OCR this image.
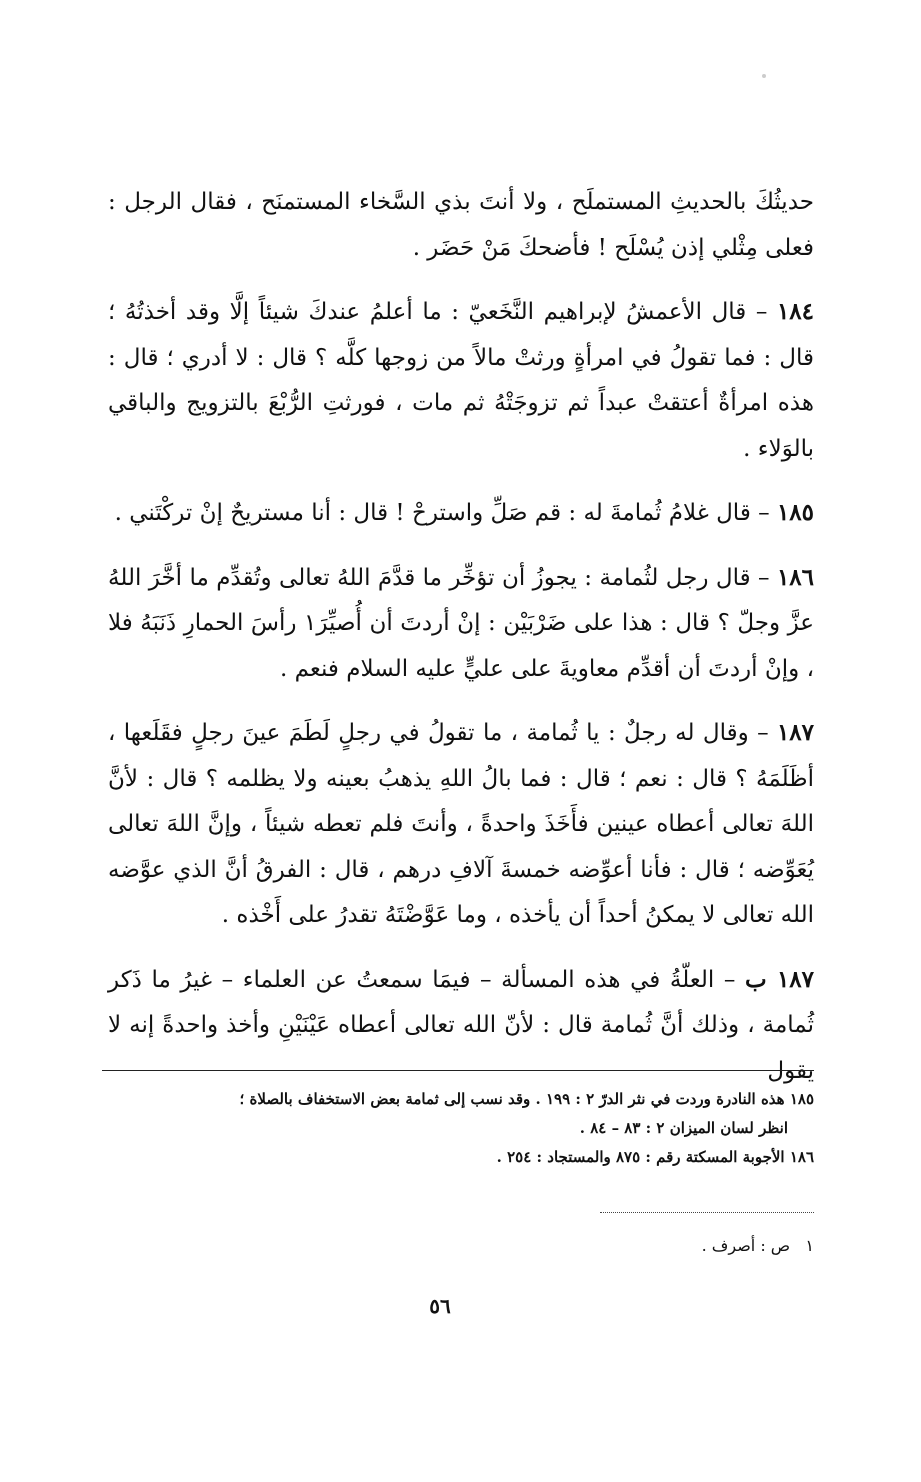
حديثُكَ بالحديثِ المستملَح ، ولا أنتَ بذي السَّخاء المستمنَح ، فقال الرجل : فعلى مِثْلي إذن يُسْلَح ! فأضحكَ مَنْ حَضَر .

١٨٤ – قال الأعمشُ لإبراهيم النَّخَعيّ : ما أعلمُ عندكَ شيئاً إلَّا وقد أخذتُهُ ؛ قال : فما تقولُ في امرأةٍ ورثتْ مالاً من زوجها كلَّه ؟ قال : لا أدري ؛ قال : هذه امرأةٌ أعتقتْ عبداً ثم تزوجَتْهُ ثم مات ، فورثتِ الرُّبْعَ بالتزويج والباقي بالوَلاء .

١٨٥ – قال غلامُ ثُمامةَ له : قم صَلِّ واسترحْ ! قال : أنا مستريحٌ إنْ تركْتَني .

١٨٦ – قال رجل لثُمامة : يجوزُ أن تؤخِّر ما قدَّمَ اللهُ تعالى وتُقدِّم ما أخَّرَ اللهُ عزَّ وجلّ ؟ قال : هذا على ضَرْبَيْن : إنْ أردتَ أن أُصيِّرَ١ رأسَ الحمارِ ذَنَبَهُ فلا ، وإنْ أردتَ أن أقدِّم معاويةَ على عليٍّ عليه السلام فنعم .

١٨٧ – وقال له رجلٌ : يا ثُمامة ، ما تقولُ في رجلٍ لَطَمَ عينَ رجلٍ فقَلَعها ، أظَلَمَهُ ؟ قال : نعم ؛ قال : فما بالُ اللهِ يذهبُ بعينه ولا يظلمه ؟ قال : لأنَّ اللهَ تعالى أعطاه عينين فأَخَذَ واحدةً ، وأنتَ فلم تعطه شيئاً ، وإنَّ اللهَ تعالى يُعَوِّضه ؛ قال : فأنا أعوِّضه خمسةَ آلافِ درهم ، قال : الفرقُ أنَّ الذي عوَّضه الله تعالى لا يمكنُ أحداً أن يأخذه ، وما عَوَّضْتَهُ تقدرُ على أَخْذه .

١٨٧ ب – العلّةُ في هذه المسألة – فيمَا سمعتُ عن العلماء – غيرُ ما ذَكر ثُمامة ، وذلك أنَّ ثُمامة قال : لأنّ الله تعالى أعطاه عَيْنَيْنِ وأخذ واحدةً إنه لا يقول

١٨٥ هذه النادرة وردت في نثر الدرّ ٢ : ١٩٩ . وقد نسب إلى ثمامة بعض الاستخفاف بالصلاة ؛

انظر لسان الميزان ٢ : ٨٣ – ٨٤ .

١٨٦ الأجوبة المسكتة رقم : ٨٧٥ والمستجاد : ٢٥٤ .

١   ص : أصرف .
٥٦
